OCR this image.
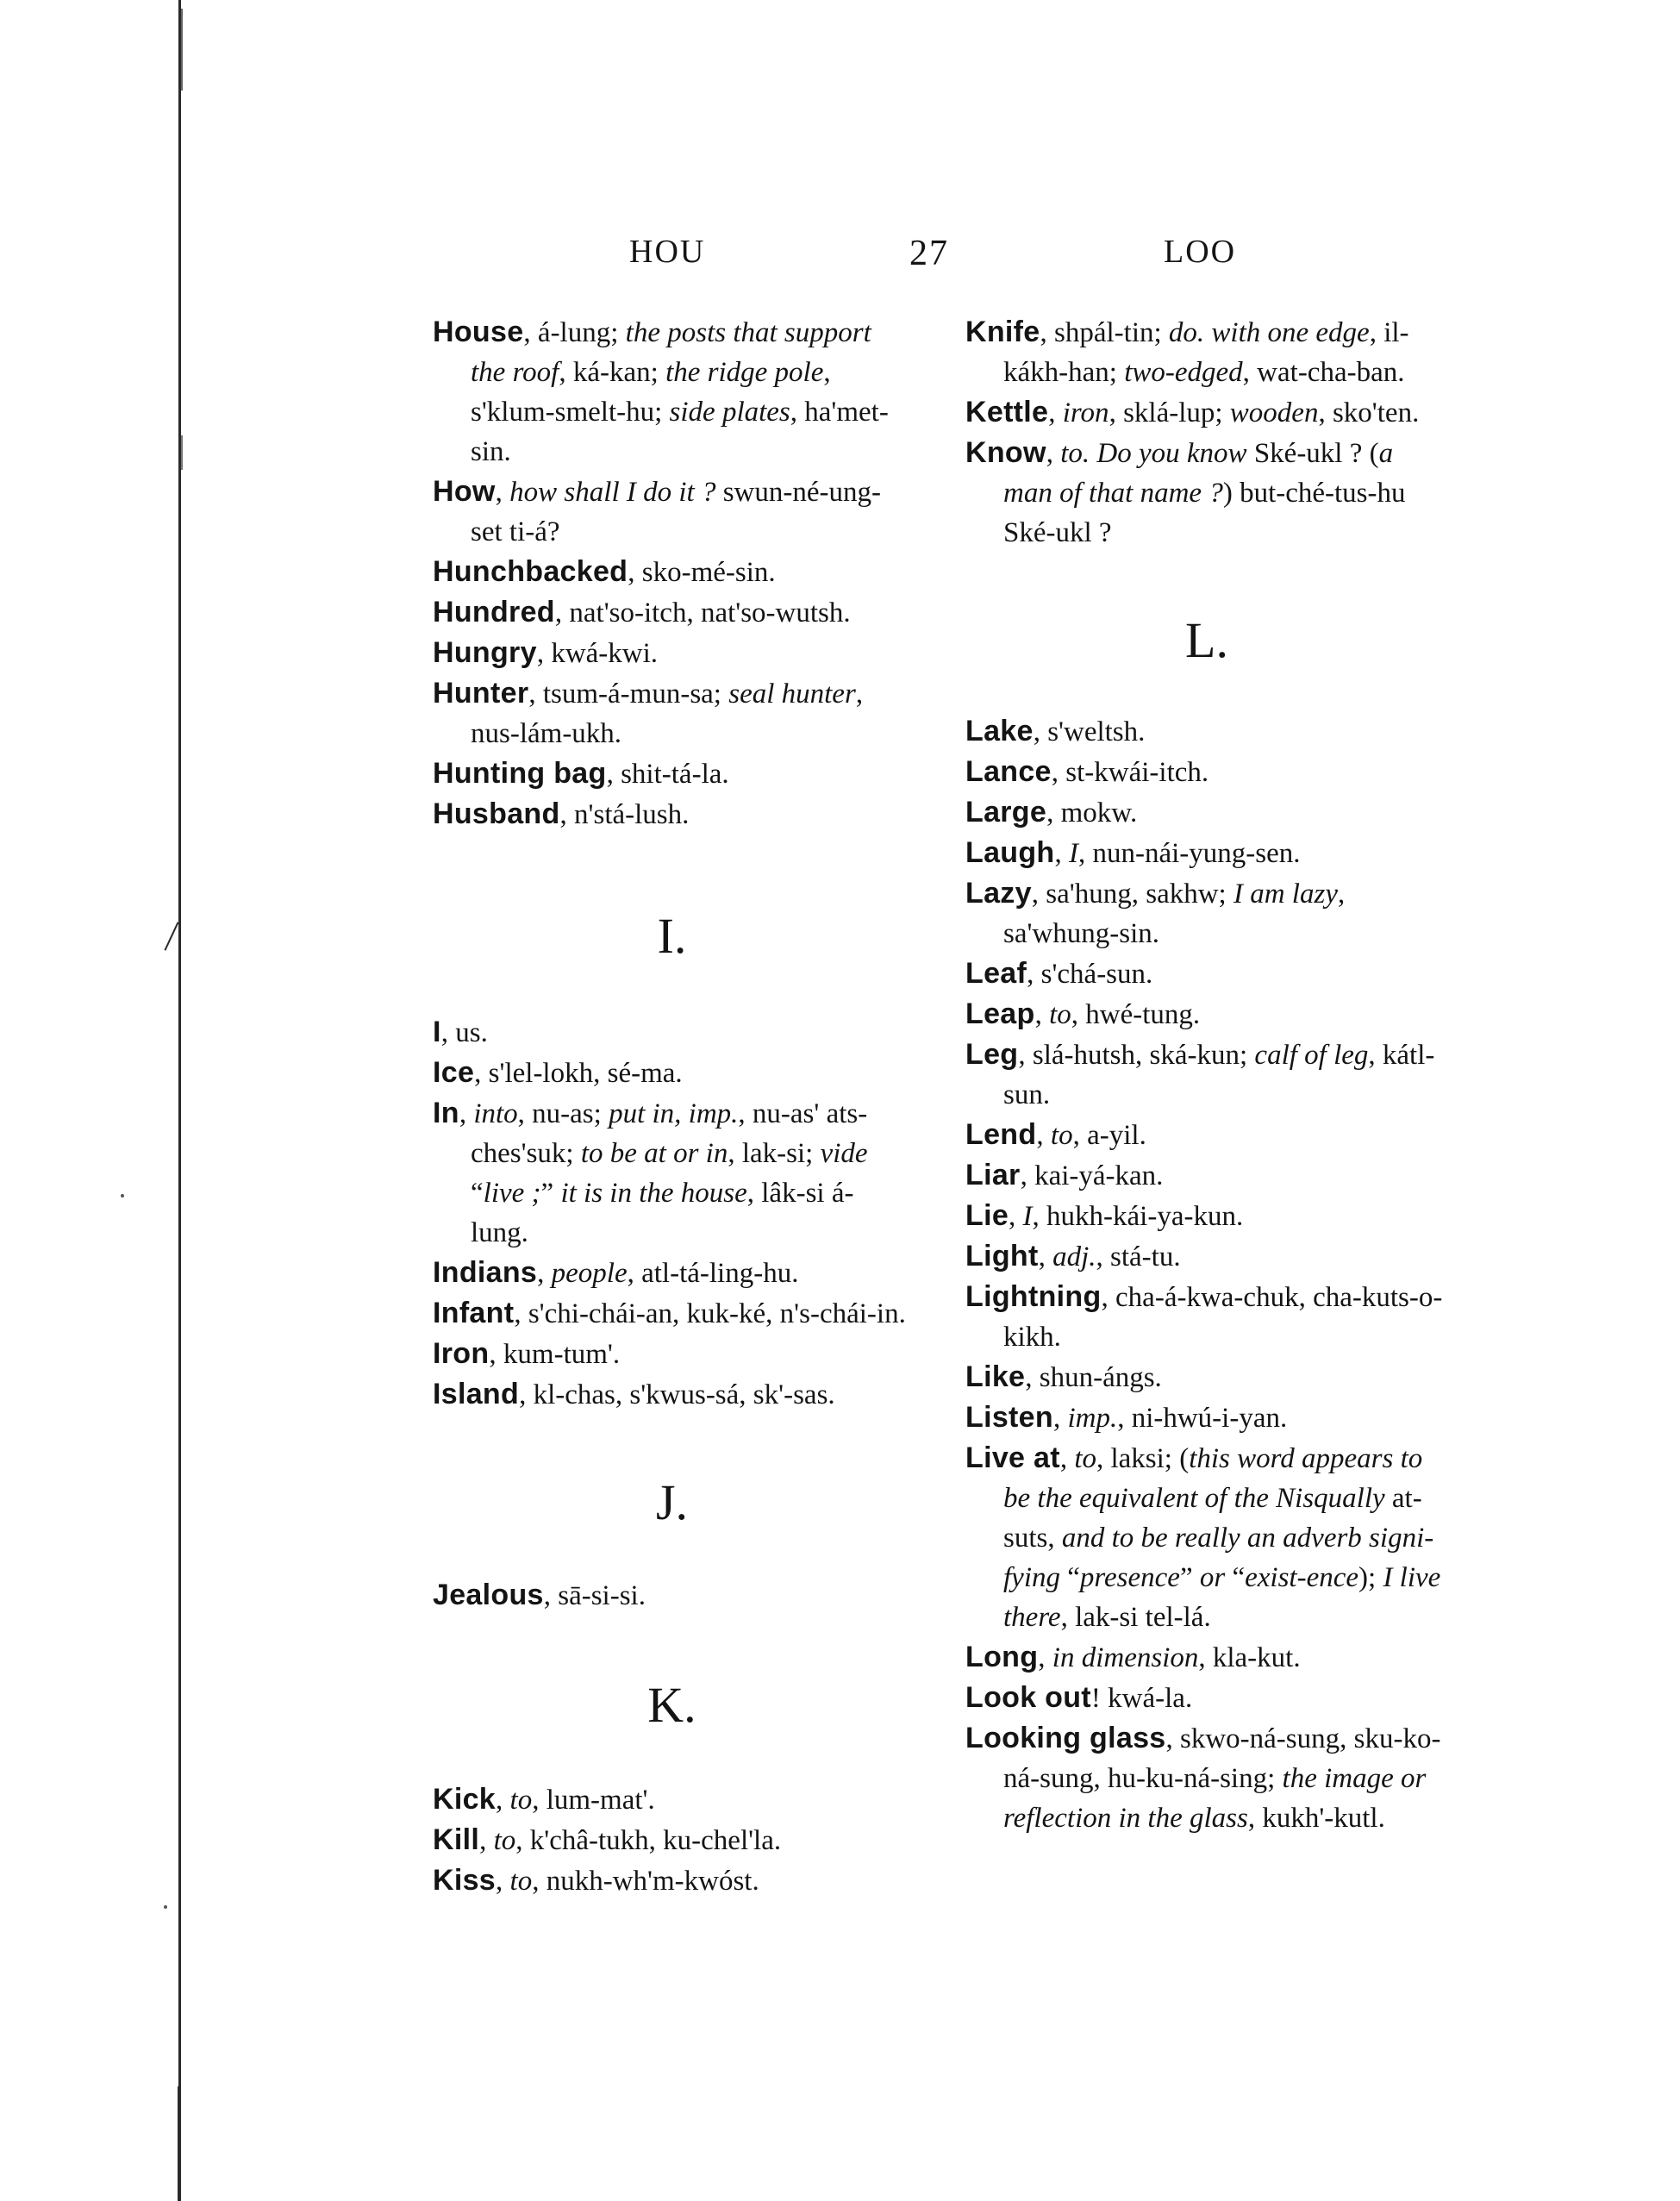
HOU	27	LOO
House, á-lung; the posts that support the roof, ká-kan; the ridge pole, s'klum-smelt-hu; side plates, ha'met-sin.
How, how shall I do it ? swun-né-ung-set ti-á?
Hunchbacked, sko-mé-sin.
Hundred, nat'so-itch, nat'so-wutsh.
Hungry, kwá-kwi.
Hunter, tsum-á-mun-sa; seal hunter, nus-lám-ukh.
Hunting bag, shit-tá-la.
Husband, n'stá-lush.
I.
I, us.
Ice, s'lel-lokh, sé-ma.
In, into, nu-as; put in, imp., nu-as' ats-ches'suk; to be at or in, lak-si; vide “live ;” it is in the house, lâk-si á-lung.
Indians, people, atl-tá-ling-hu.
Infant, s'chi-chái-an, kuk-ké, n's-chái-in.
Iron, kum-tum'.
Island, kl-chas, s'kwus-sá, sk'-sas.
J.
Jealous, sā-si-si.
K.
Kick, to, lum-mat'.
Kill, to, k'châ-tukh, ku-chel'la.
Kiss, to, nukh-wh'm-kwóst.
Knife, shpál-tin; do. with one edge, il-kákh-han; two-edged, wat-cha-ban.
Kettle, iron, sklá-lup; wooden, sko'ten.
Know, to. Do you know Ské-ukl ? (a man of that name ?) but-ché-tus-hu Ské-ukl ?
L.
Lake, s'weltsh.
Lance, st-kwái-itch.
Large, mokw.
Laugh, I, nun-nái-yung-sen.
Lazy, sa'hung, sakhw; I am lazy, sa'whung-sin.
Leaf, s'chá-sun.
Leap, to, hwé-tung.
Leg, slá-hutsh, ská-kun; calf of leg, kátl-sun.
Lend, to, a-yil.
Liar, kai-yá-kan.
Lie, I, hukh-kái-ya-kun.
Light, adj., stá-tu.
Lightning, cha-á-kwa-chuk, cha-kuts-o-kikh.
Like, shun-ángs.
Listen, imp., ni-hwú-i-yan.
Live at, to, laksi; (this word appears to be the equivalent of the Nisqually at-suts, and to be really an adverb signi-fying “presence” or “exist-ence); I live there, lak-si tel-lá.
Long, in dimension, kla-kut.
Look out! kwá-la.
Looking glass, skwo-ná-sung, sku-ko-ná-sung, hu-ku-ná-sing; the image or reflection in the glass, kukh'-kutl.
